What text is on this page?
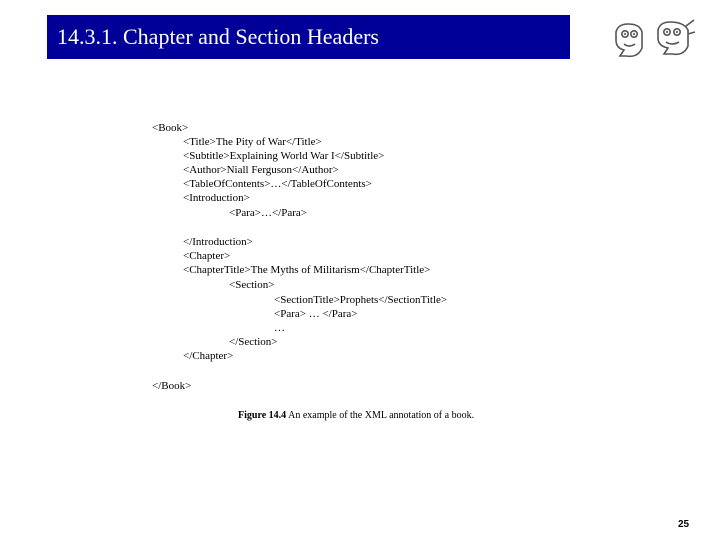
14.3.1. Chapter and Section Headers
<Book>
<Title>The Pity of War</Title>
<Subtitle>Explaining World War I</Subtitle>
<Author>Niall Ferguson</Author>
<TableOfContents>…</TableOfContents>
<Introduction>
<Para>…</Para>
</Introduction>
<Chapter>
<ChapterTitle>The Myths of Militarism</ChapterTitle>
<Section>
<SectionTitle>Prophets</SectionTitle>
<Para> … </Para>
…
</Section>
</Chapter>
</Book>
Figure 14.4 An example of the XML annotation of a book.
25
